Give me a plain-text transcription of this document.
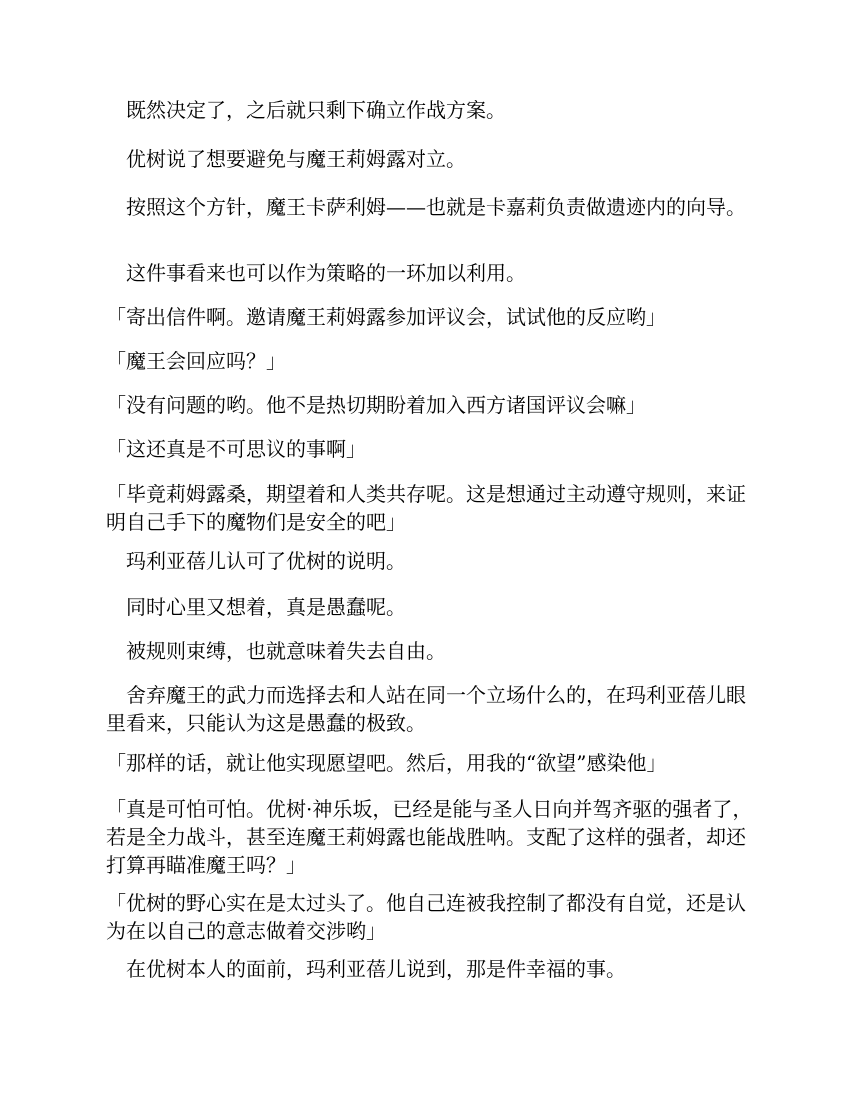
　既然决定了，之后就只剩下确立作战方案。

　优树说了想要避免与魔王莉姆露对立。

　按照这个方针，魔王卡萨利姆——也就是卡嘉莉负责做遗迹内的向导。

　这件事看来也可以作为策略的一环加以利用。

「寄出信件啊。邀请魔王莉姆露参加评议会，试试他的反应哟」

「魔王会回应吗？」

「没有问题的哟。他不是热切期盼着加入西方诸国评议会嘛」

「这还真是不可思议的事啊」

「毕竟莉姆露桑，期望着和人类共存呢。这是想通过主动遵守规则，来证明自己手下的魔物们是安全的吧」

　玛利亚蓓儿认可了优树的说明。

　同时心里又想着，真是愚蠢呢。

　被规则束缚，也就意味着失去自由。

　舍弃魔王的武力而选择去和人站在同一个立场什么的，在玛利亚蓓儿眼里看来，只能认为这是愚蠢的极致。

「那样的话，就让他实现愿望吧。然后，用我的“欲望”感染他」

「真是可怕可怕。优树·神乐坂，已经是能与圣人日向并驾齐驱的强者了，若是全力战斗，甚至连魔王莉姆露也能战胜呐。支配了这样的强者，却还打算再瞄准魔王吗？」

「优树的野心实在是太过头了。他自己连被我控制了都没有自觉，还是认为在以自己的意志做着交涉哟」

　在优树本人的面前，玛利亚蓓儿说到，那是件幸福的事。
